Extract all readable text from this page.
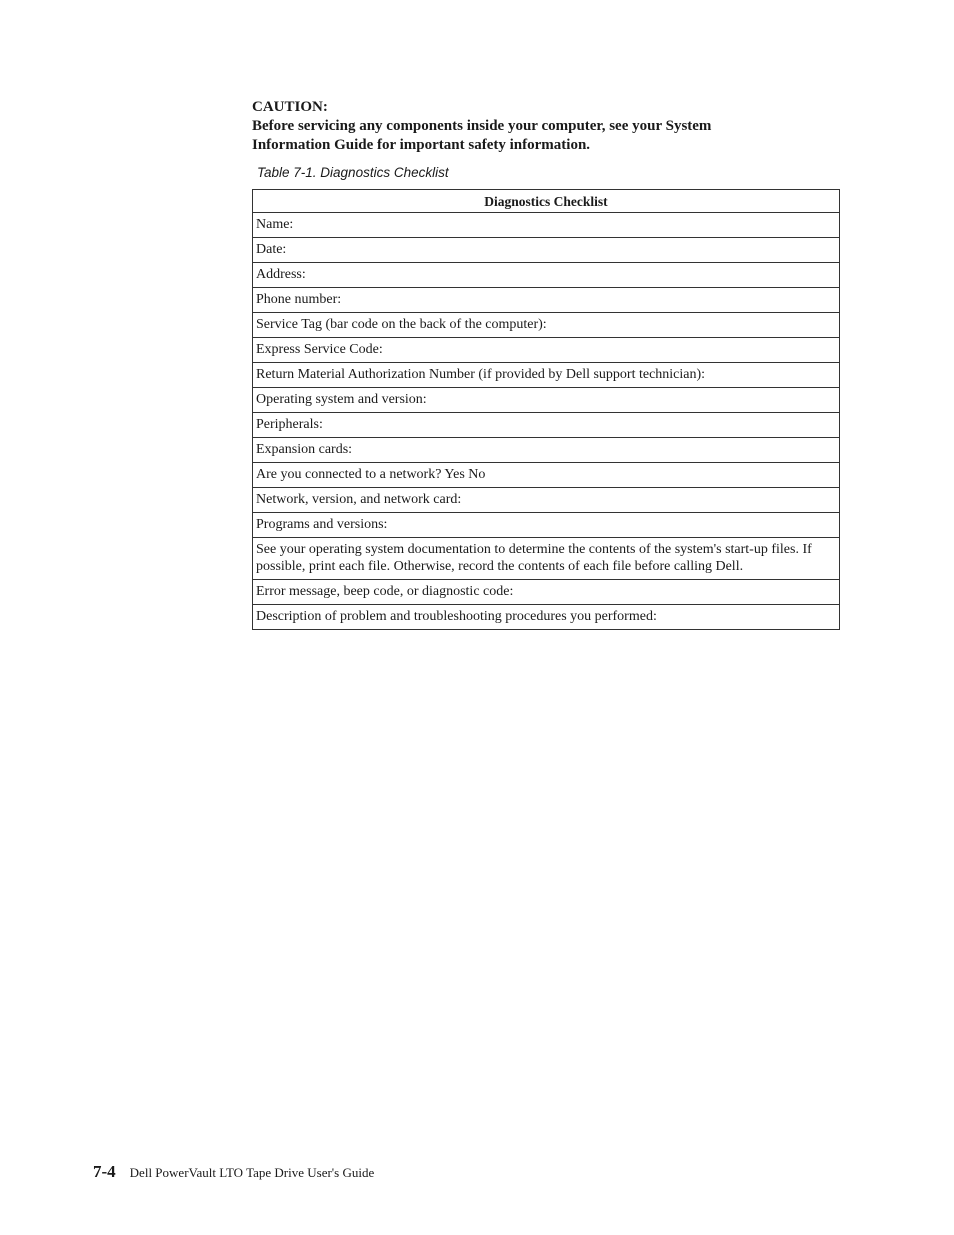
CAUTION:
Before servicing any components inside your computer, see your System
Information Guide for important safety information.
Table 7-1. Diagnostics Checklist
Diagnostics Checklist
Name:
Date:
Address:
Phone number:
Service Tag (bar code on the back of the computer):
Express Service Code:
Return Material Authorization Number (if provided by Dell support technician):
Operating system and version:
Peripherals:
Expansion cards:
Are you connected to a network? Yes No
Network, version, and network card:
Programs and versions:
See your operating system documentation to determine the contents of the system's start-up files. If possible, print each file. Otherwise, record the contents of each file before calling Dell.
Error message, beep code, or diagnostic code:
Description of problem and troubleshooting procedures you performed:
7-4 Dell PowerVault LTO Tape Drive User's Guide
